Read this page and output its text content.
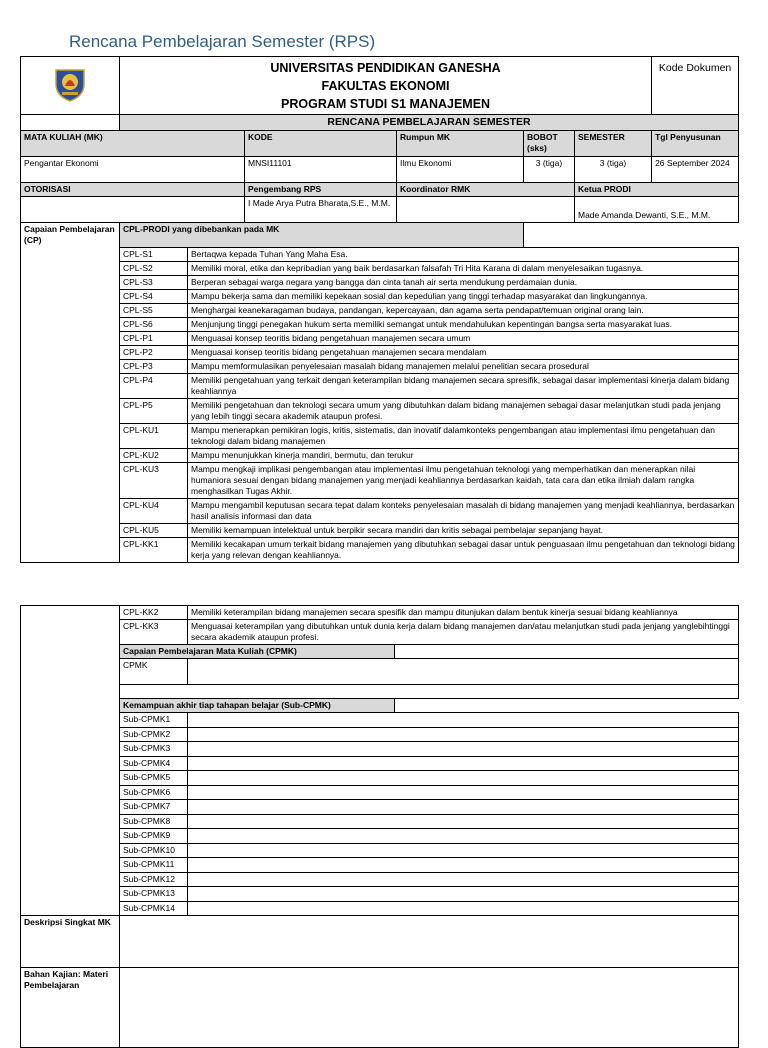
Rencana Pembelajaran Semester (RPS)

UNIVERSITAS PENDIDIKAN GANESHA
FAKULTAS EKONOMI
PROGRAM STUDI S1 MANAJEMEN						Kode Dokumen
	RENCANA PEMBELAJARAN SEMESTER						
MATA KULIAH (MK)			KODE	Rumpun MK	BOBOT (sks)	SEMESTER	Tgl Penyusunan
Pengantar Ekonomi			MNSI11101	Ilmu Ekonomi	3 (tiga)	3 (tiga)	26 September 2024
OTORISASI			Pengembang RPS	Koordinator RMK		Ketua PRODI	
			I Made Arya Putra Bharata,S.E., M.M.			Made Amanda Dewanti, S.E., M.M.	
Capaian Pembelajaran (CP)	CPL-PRODI yang dibebankan pada MK						
	CPL-S1	Bertaqwa kepada Tuhan Yang Maha Esa.					
	CPL-S2	Memiliki moral, etika dan kepribadian yang baik berdasarkan falsafah Tri Hita Karana di dalam menyelesaikan tugasnya.					
	CPL-S3	Berperan sebagai warga negara yang bangga dan cinta tanah air serta mendukung perdamaian dunia.					
	CPL-S4	Mampu bekerja sama dan memiliki kepekaan sosial dan kepedulian yang tinggi terhadap masyarakat dan lingkungannya.					
	CPL-S5	Menghargai keanekaragaman budaya, pandangan, kepercayaan, dan agama serta pendapat/temuan original orang lain.					
	CPL-S6	Menjunjung tinggi penegakan hukum serta memiliki semangat untuk mendahulukan kepentingan bangsa serta masyarakat luas.					
	CPL-P1	Menguasai konsep teoritis bidang pengetahuan manajemen secara umum					
	CPL-P2	Menguasai konsep teoritis bidang pengetahuan manajemen secara mendalam					
	CPL-P3	Mampu memformulasikan penyelesaian masalah bidang manajemen melalui penelitian secara prosedural					
	CPL-P4	Memiliki pengetahuan yang terkait dengan keterampilan bidang manajemen secara spresifik, sebagai dasar implementasi kinerja dalam bidang keahliannya					
	CPL-P5	Memiliki pengetahuan dan teknologi secara umum yang dibutuhkan dalam bidang manajemen sebagai dasar melanjutkan studi pada jenjang yang lebih tinggi secara akademik ataupun profesi.					
	CPL-KU1	Mampu menerapkan pemikiran logis, kritis, sistematis, dan inovatif dalamkonteks pengembangan atau implementasi ilmu pengetahuan dan teknologi dalam bidang manajemen					
	CPL-KU2	Mampu menunjukkan kinerja mandiri, bermutu, dan terukur					
	CPL-KU3	Mampu mengkaji implikasi pengembangan atau implementasi ilmu pengetahuan teknologi yang memperhatikan dan menerapkan nilai humaniora sesuai dengan bidang manajemen yang menjadi keahliannya berdasarkan kaidah, tata cara dan etika ilmiah dalam rangka menghasilkan Tugas Akhir.					
	CPL-KU4	Mampu mengambil keputusan secara tepat dalam konteks penyelesaian masalah di bidang manajemen yang menjadi keahliannya, berdasarkan hasil analisis informasi dan data					
	CPL-KU5	Memiliki kemampuan intelektual untuk berpikir secara mandiri dan kritis sebagai pembelajar sepanjang hayat.					
	CPL-KK1	Memiliki kecakapan umum terkait bidang manajemen yang dibutuhkan sebagai dasar untuk penguasaan ilmu pengetahuan dan teknologi bidang kerja yang relevan dengan keahliannya.					
	CPL-KK2	Memiliki keterampilan bidang manajemen secara spesifik dan mampu ditunjukan dalam bentuk kinerja sesuai bidang keahliannya	
	CPL-KK3	Menguasai keterampilan yang dibutuhkan untuk dunia kerja dalam bidang manajemen dan/atau melanjutkan studi pada jenjang yanglebihtinggi secara akademik ataupun profesi.	
	Capaian Pembelajaran Mata Kuliah (CPMK)		
	CPMK		

	Kemampuan akhir tiap tahapan belajar (Sub-CPMK)		
	Sub-CPMK1		
	Sub-CPMK2		
	Sub-CPMK3		
	Sub-CPMK4		
	Sub-CPMK5		
	Sub-CPMK6		
	Sub-CPMK7		
	Sub-CPMK8		
	Sub-CPMK9		
	Sub-CPMK10		
	Sub-CPMK11		
	Sub-CPMK12		
	Sub-CPMK13		
	Sub-CPMK14		
Deskripsi Singkat MK			
Bahan Kajian: Materi Pembelajaran			
